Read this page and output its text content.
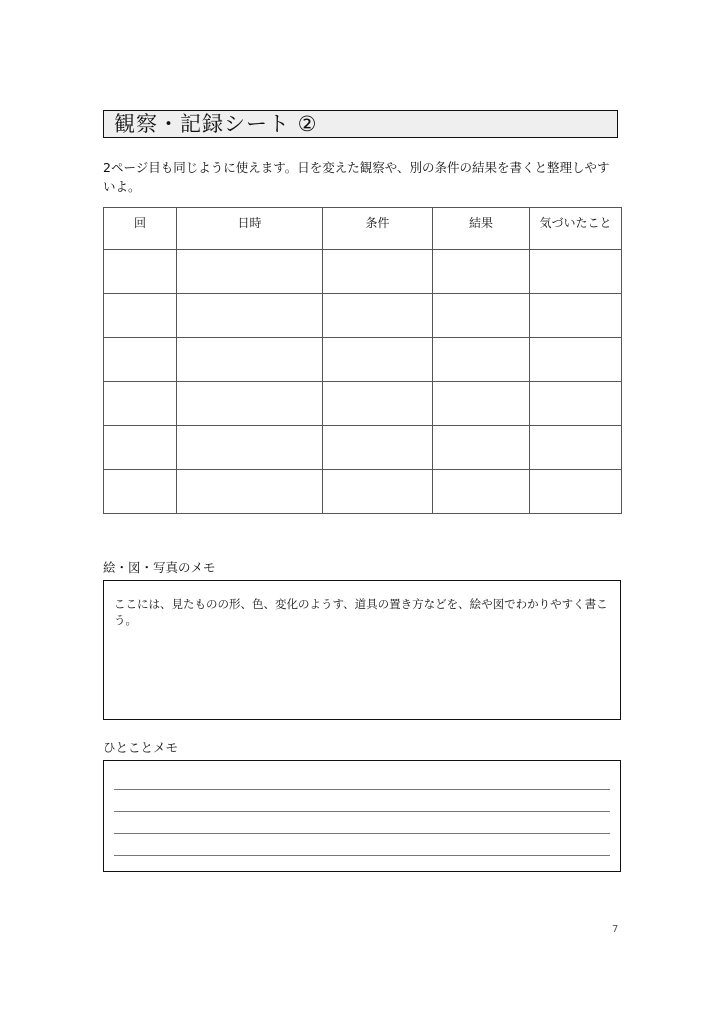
観察・記録シート ②
2ページ目も同じように使えます。日を変えた観察や、別の条件の結果を書くと整理しやすいよ。
回	日時	条件	結果	気づいたこと

絵・図・写真のメモ
ここには、見たものの形、色、変化のようす、道具の置き方などを、絵や図でわかりやすく書こう。
ひとことメモ
7
